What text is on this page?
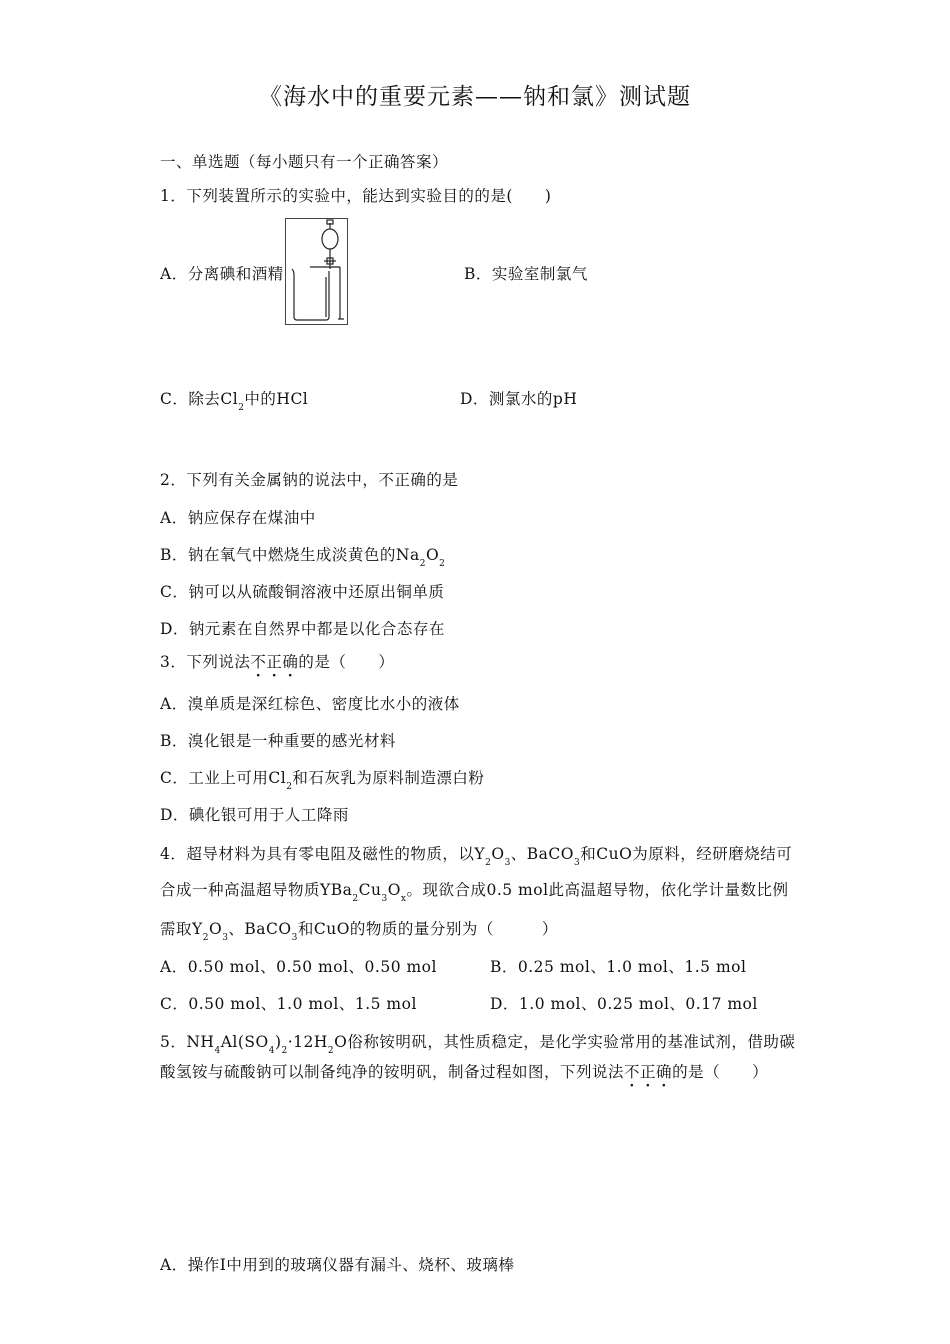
《海水中的重要元素——钠和氯》测试题
一、单选题（每小题只有一个正确答案）
1．下列装置所示的实验中，能达到实验目的的是(　　)
A．分离碘和酒精	B．实验室制氯气
C．除去$Cl_2$中的HCl	D．测氯水的pH
2．下列有关金属钠的说法中，不正确的是
A．钠应保存在煤油中
B．钠在氧气中燃烧生成淡黄色的$Na_2O_2$
C．钠可以从硫酸铜溶液中还原出铜单质
D．钠元素在自然界中都是以化合态存在
3．下列说法不正确的是（　　）
A．溴单质是深红棕色、密度比水小的液体
B．溴化银是一种重要的感光材料
C．工业上可用$Cl_2$和石灰乳为原料制造漂白粉
D．碘化银可用于人工降雨
4．超导材料为具有零电阻及磁性的物质，以$Y_2O_3$、BaCO$_3$和CuO为原料，经研磨烧结可
合成一种高温超导物质$YBa_2Cu_3O_x$。现欲合成0.5 mol此高温超导物，依化学计量数比例
需取$Y_2O_3$、BaCO$_3$和CuO的物质的量分别为（　　　）
A．0.50 mol、0.50 mol、0.50 mol	B．0.25 mol、1.0 mol、1.5 mol
C．0.50 mol、1.0 mol、1.5 mol	D．1.0 mol、0.25 mol、0.17 mol
5．$NH_4Al(SO_4)_2\cdot 12H_2O$俗称铵明矾，其性质稳定，是化学实验常用的基准试剂，借助碳
酸氢铵与硫酸钠可以制备纯净的铵明矾，制备过程如图，下列说法不正确的是（　　）
A．操作Ⅰ中用到的玻璃仪器有漏斗、烧杯、玻璃棒
